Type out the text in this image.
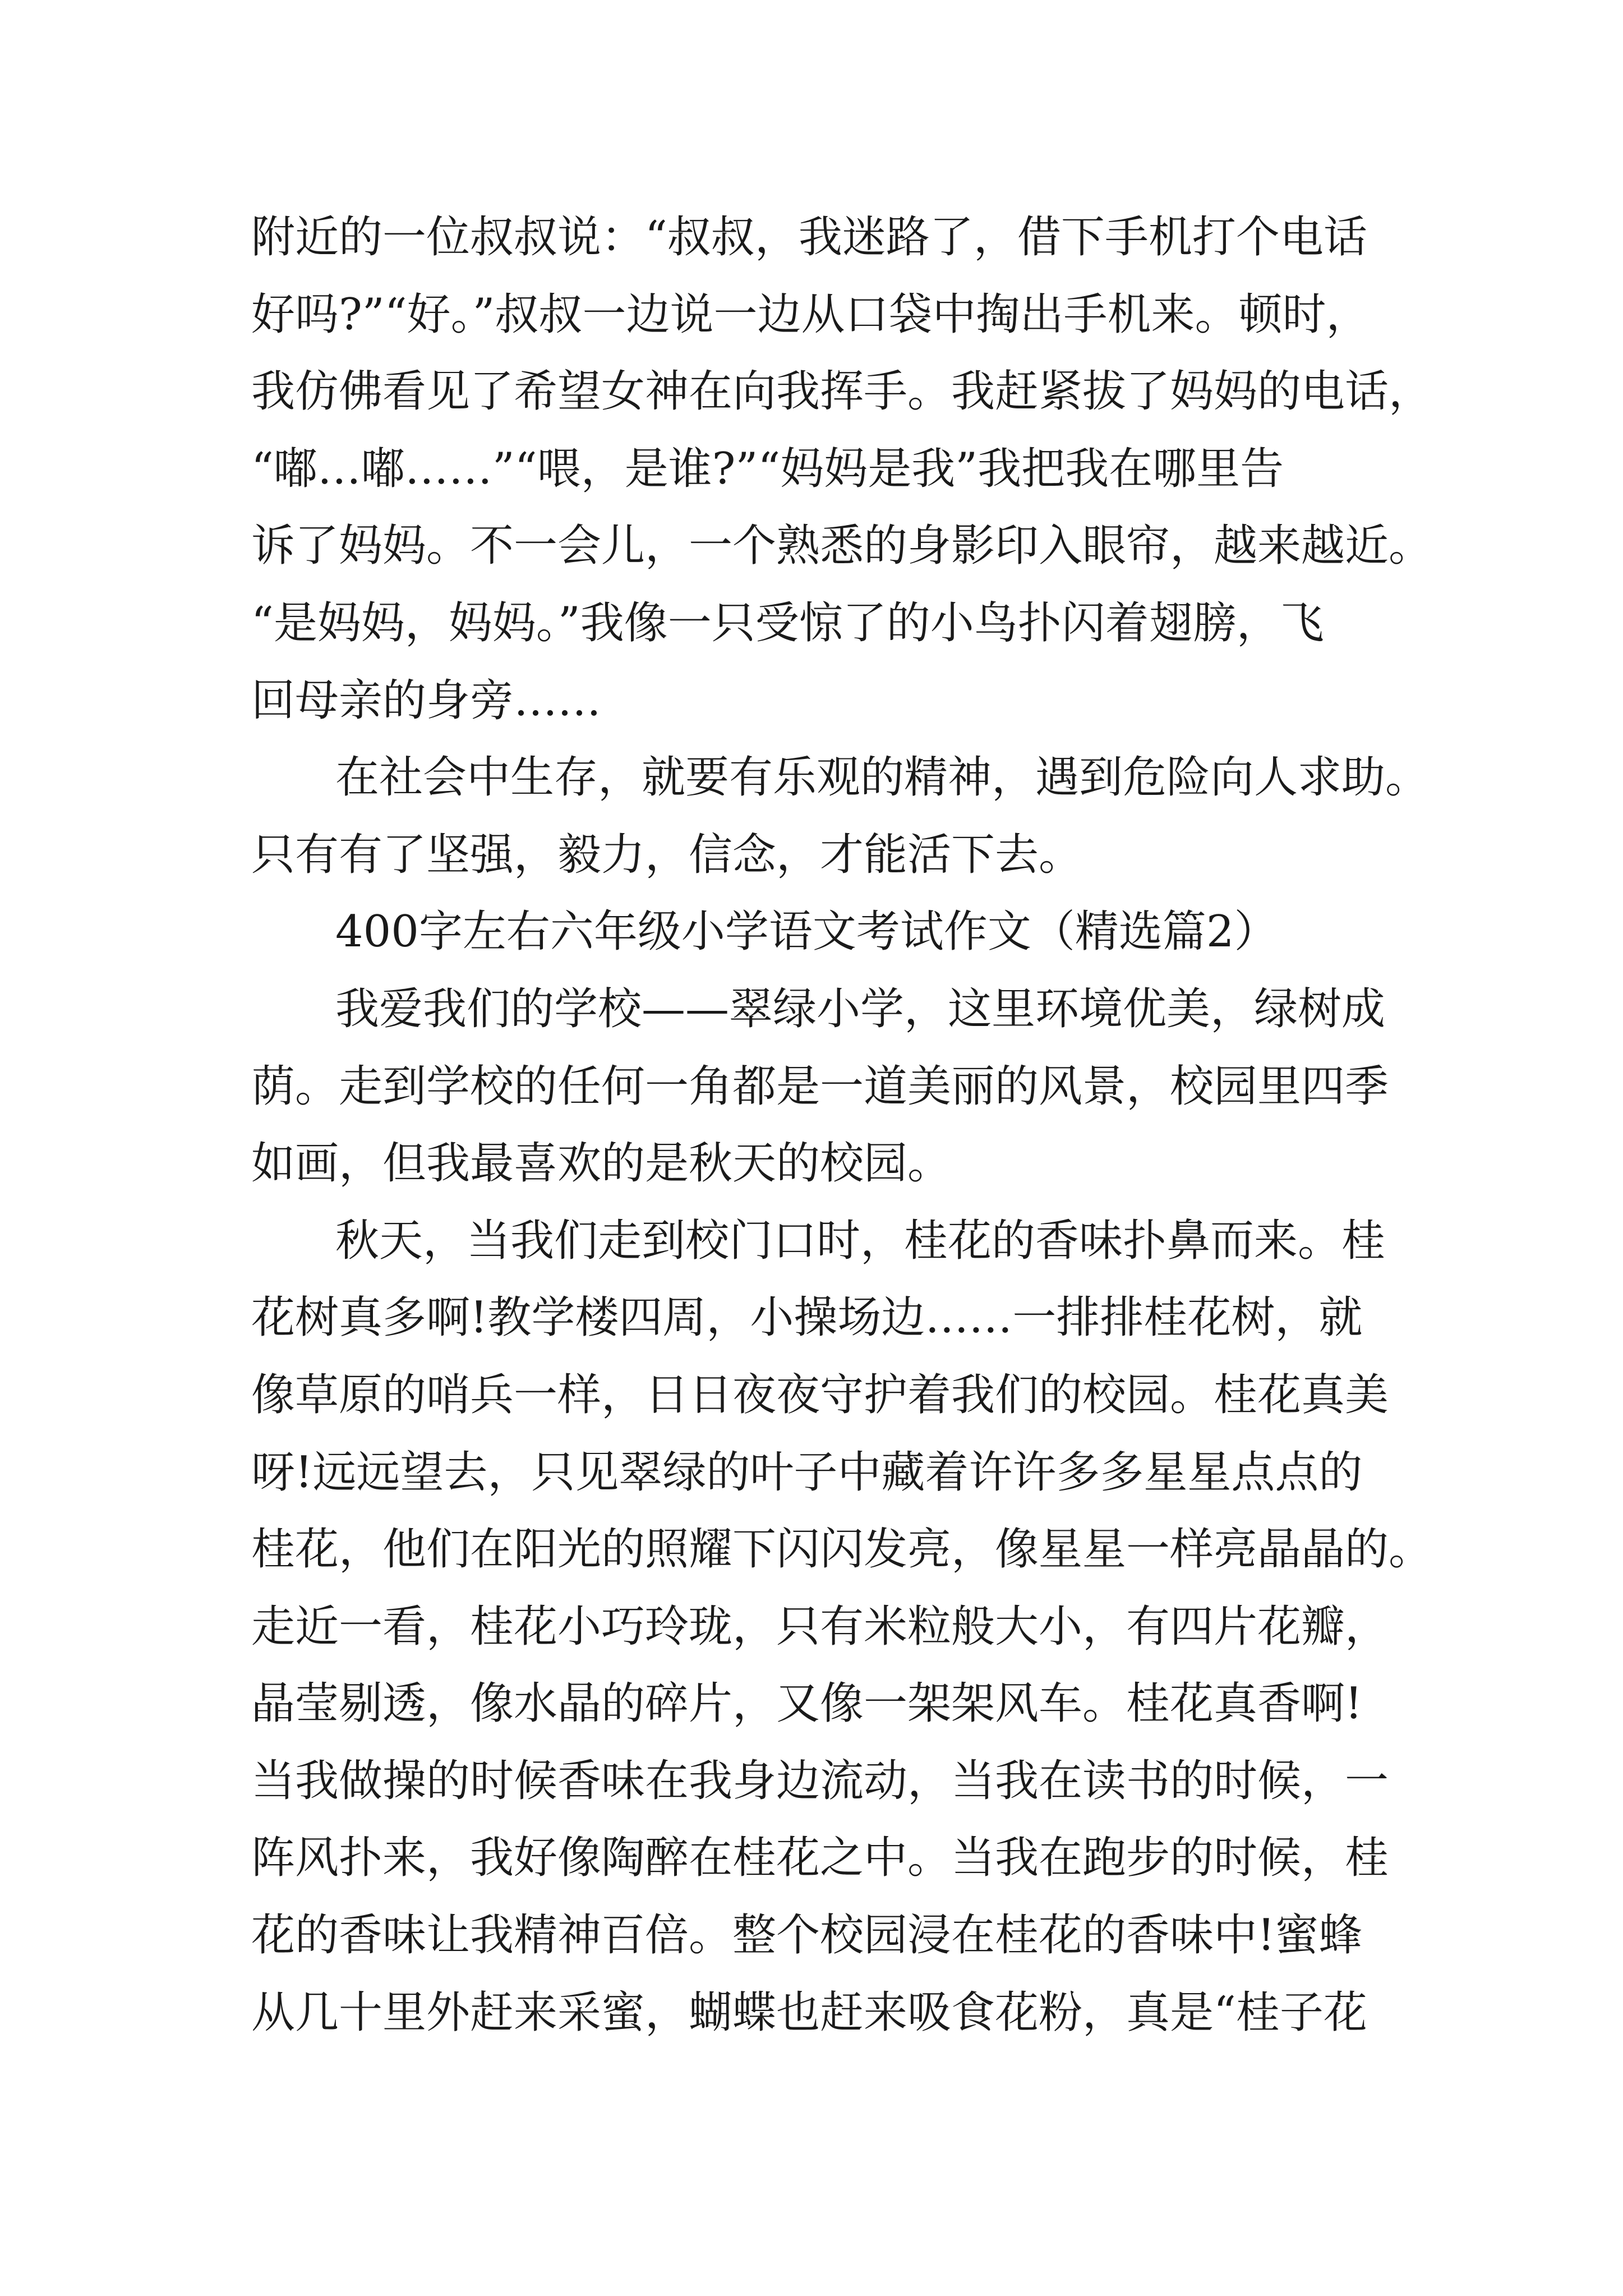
附近的一位叔叔说：“叔叔，我迷路了，借下手机打个电话
好吗?”“好。”叔叔一边说一边从口袋中掏出手机来。顿时，
我仿佛看见了希望女神在向我挥手。我赶紧拔了妈妈的电话，
“嘟…嘟……”“喂，是谁?”“妈妈是我”我把我在哪里告
诉了妈妈。不一会儿，一个熟悉的身影印入眼帘，越来越近。
“是妈妈，妈妈。”我像一只受惊了的小鸟扑闪着翅膀，飞
回母亲的身旁……
在社会中生存，就要有乐观的精神，遇到危险向人求助。
只有有了坚强，毅力，信念，才能活下去。
400字左右六年级小学语文考试作文（精选篇2）
我爱我们的学校——翠绿小学，这里环境优美，绿树成
荫。走到学校的任何一角都是一道美丽的风景，校园里四季
如画，但我最喜欢的是秋天的校园。
秋天，当我们走到校门口时，桂花的香味扑鼻而来。桂
花树真多啊!教学楼四周，小操场边……一排排桂花树，就
像草原的哨兵一样，日日夜夜守护着我们的校园。桂花真美
呀!远远望去，只见翠绿的叶子中藏着许许多多星星点点的
桂花，他们在阳光的照耀下闪闪发亮，像星星一样亮晶晶的。
走近一看，桂花小巧玲珑，只有米粒般大小，有四片花瓣，
晶莹剔透，像水晶的碎片，又像一架架风车。桂花真香啊!
当我做操的时候香味在我身边流动，当我在读书的时候，一
阵风扑来，我好像陶醉在桂花之中。当我在跑步的时候，桂
花的香味让我精神百倍。整个校园浸在桂花的香味中!蜜蜂
从几十里外赶来采蜜，蝴蝶也赶来吸食花粉，真是“桂子花
